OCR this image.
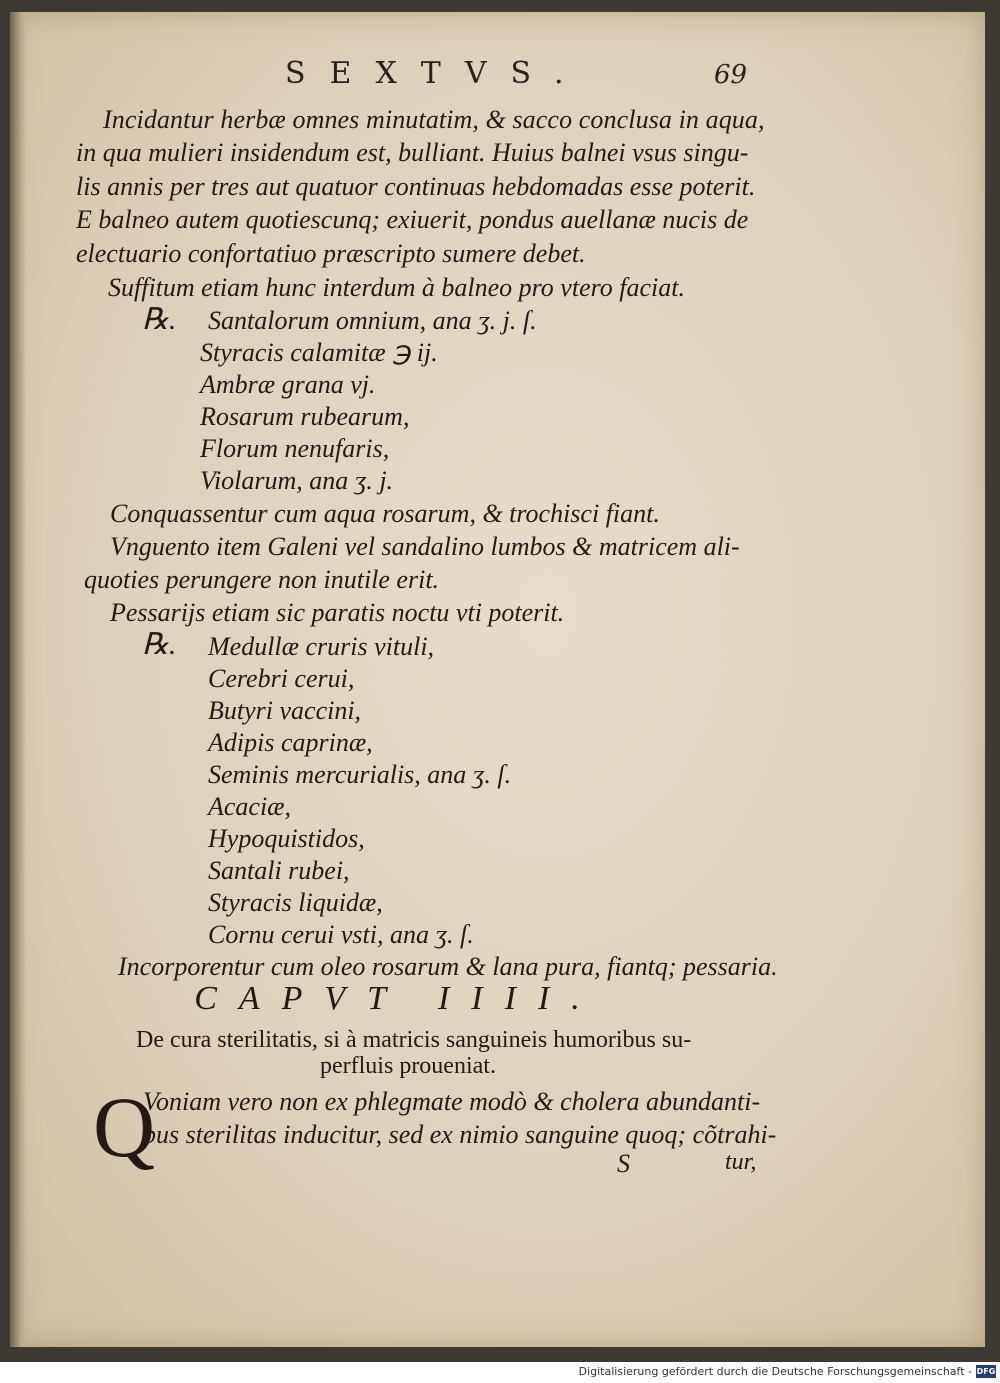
SEXTVS.	69
Incidantur herbæ omnes minutatim, & sacco conclusa in aqua,
in qua mulieri insidendum est, bulliant. Huius balnei vsus singu-
lis annis per tres aut quatuor continuas hebdomadas esse poterit.
E balneo autem quotiescunq; exiuerit, pondus auellanæ nucis de
electuario confortatiuo præscripto sumere debet.
Suffitum etiam hunc interdum à balneo pro vtero faciat.
℞. Santalorum omnium, ana ʒ. j. ſ.
Styracis calamitæ ℈ ij.
Ambræ grana vj.
Rosarum rubearum,
Florum nenufaris,
Violarum, ana ʒ. j.
Conquassentur cum aqua rosarum, & trochisci fiant.
Vnguento item Galeni vel sandalino lumbos & matricem ali-
quoties perungere non inutile erit.
Pessarijs etiam sic paratis noctu vti poterit.
℞. Medullæ cruris vituli,
Cerebri cerui,
Butyri vaccini,
Adipis caprinæ,
Seminis mercurialis, ana ʒ. ſ.
Acaciæ,
Hypoquistidos,
Santali rubei,
Styracis liquidæ,
Cornu cerui vsti, ana ʒ. ſ.
Incorporentur cum oleo rosarum & lana pura, fiantq; pessaria.
CAPVT IIII.
De cura sterilitatis, si à matricis sanguineis humoribus su-
perfluis proueniat.
Q
Voniam vero non ex phlegmate modò & cholera abundanti-
bus sterilitas inducitur, sed ex nimio sanguine quoq; cõtrahi-
S	tur,
Digitalisierung gefördert durch die Deutsche Forschungsgemeinschaft - DFG
